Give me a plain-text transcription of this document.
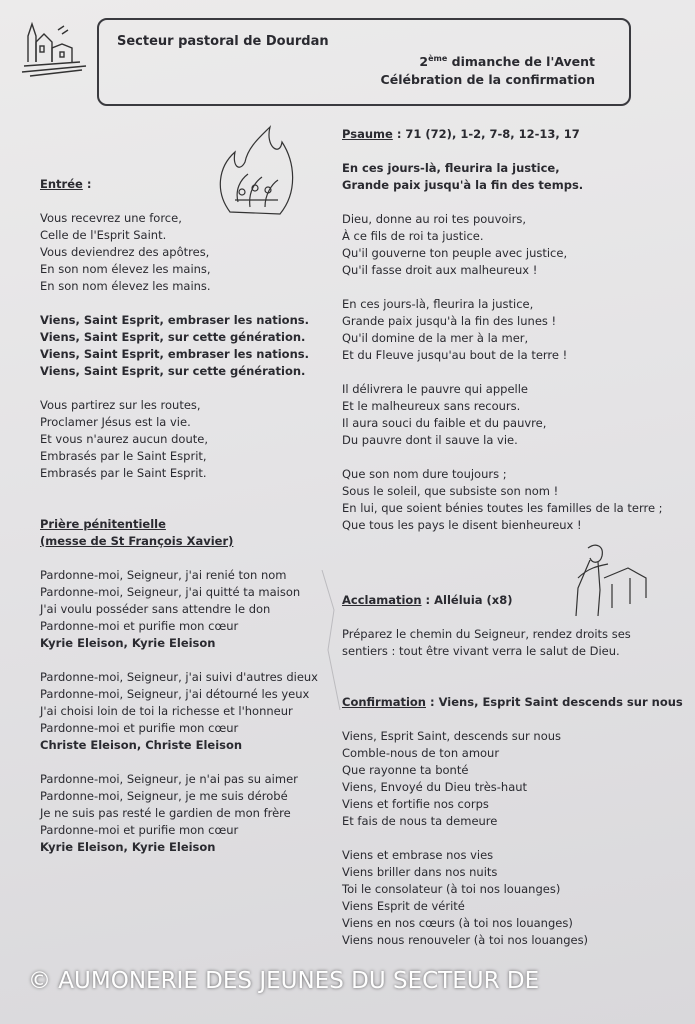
Secteur pastoral de Dourdan
2ème dimanche de l'Avent
Célébration de la confirmation
Entrée :
Vous recevrez une force,
Celle de l'Esprit Saint.
Vous deviendrez des apôtres,
En son nom élevez les mains,
En son nom élevez les mains.
Viens, Saint Esprit, embraser les nations.
Viens, Saint Esprit, sur cette génération.
Viens, Saint Esprit, embraser les nations.
Viens, Saint Esprit, sur cette génération.
Vous partirez sur les routes,
Proclamer Jésus est la vie.
Et vous n'aurez aucun doute,
Embrasés par le Saint Esprit,
Embrasés par le Saint Esprit.
Prière pénitentielle
(messe de St François Xavier)
Pardonne-moi, Seigneur, j'ai renié ton nom
Pardonne-moi, Seigneur, j'ai quitté ta maison
J'ai voulu posséder sans attendre le don
Pardonne-moi et purifie mon cœur
Kyrie Eleison, Kyrie Eleison
Pardonne-moi, Seigneur, j'ai suivi d'autres dieux
Pardonne-moi, Seigneur, j'ai détourné les yeux
J'ai choisi loin de toi la richesse et l'honneur
Pardonne-moi et purifie mon cœur
Christe Eleison, Christe Eleison
Pardonne-moi, Seigneur, je n'ai pas su aimer
Pardonne-moi, Seigneur, je me suis dérobé
Je ne suis pas resté le gardien de mon frère
Pardonne-moi et purifie mon cœur
Kyrie Eleison, Kyrie Eleison
Psaume : 71 (72), 1-2, 7-8, 12-13, 17
En ces jours-là, fleurira la justice,
Grande paix jusqu'à la fin des temps.
Dieu, donne au roi tes pouvoirs,
À ce fils de roi ta justice.
Qu'il gouverne ton peuple avec justice,
Qu'il fasse droit aux malheureux !
En ces jours-là, fleurira la justice,
Grande paix jusqu'à la fin des lunes !
Qu'il domine de la mer à la mer,
Et du Fleuve jusqu'au bout de la terre !
Il délivrera le pauvre qui appelle
Et le malheureux sans recours.
Il aura souci du faible et du pauvre,
Du pauvre dont il sauve la vie.
Que son nom dure toujours ;
Sous le soleil, que subsiste son nom !
En lui, que soient bénies toutes les familles de la terre ;
Que tous les pays le disent bienheureux !
Acclamation : Alléluia (x8)
Préparez le chemin du Seigneur, rendez droits ses
sentiers : tout être vivant verra le salut de Dieu.
Confirmation : Viens, Esprit Saint descends sur nous
Viens, Esprit Saint, descends sur nous
Comble-nous de ton amour
Que rayonne ta bonté
Viens, Envoyé du Dieu très-haut
Viens et fortifie nos corps
Et fais de nous ta demeure
Viens et embrase nos vies
Viens briller dans nos nuits
Toi le consolateur (à toi nos louanges)
Viens Esprit de vérité
Viens en nos cœurs (à toi nos louanges)
Viens nous renouveler (à toi nos louanges)
© AUMONERIE DES JEUNES DU SECTEUR DE
